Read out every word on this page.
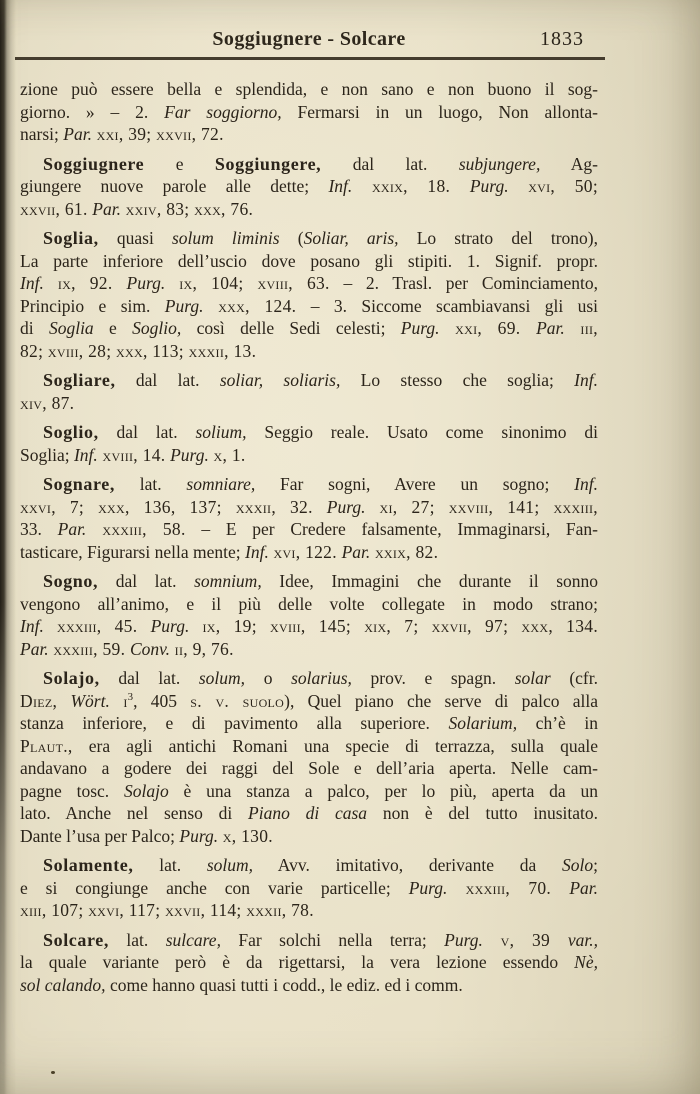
Soggiugnere - Solcare	1833
zione può essere bella e splendida, e non sano e non buono il sog-
giorno. » – 2. Far soggiorno, Fermarsi in un luogo, Non allonta-
narsi; Par. xxi, 39; xxvii, 72.
Soggiugnere e Soggiungere, dal lat. subjungere, Ag-
giungere nuove parole alle dette; Inf. xxix, 18. Purg. xvi, 50;
xxvii, 61. Par. xxiv, 83; xxx, 76.
Soglia, quasi solum liminis (Soliar, aris, Lo strato del trono),
La parte inferiore dell’uscio dove posano gli stipiti. 1. Signif. propr.
Inf. ix, 92. Purg. ix, 104; xviii, 63. – 2. Trasl. per Cominciamento,
Principio e sim. Purg. xxx, 124. – 3. Siccome scambiavansi gli usi
di Soglia e Soglio, così delle Sedi celesti; Purg. xxi, 69. Par. iii,
82; xviii, 28; xxx, 113; xxxii, 13.
Sogliare, dal lat. soliar, soliaris, Lo stesso che soglia; Inf.
xiv, 87.
Soglio, dal lat. solium, Seggio reale. Usato come sinonimo di
Soglia; Inf. xviii, 14. Purg. x, 1.
Sognare, lat. somniare, Far sogni, Avere un sogno; Inf.
xxvi, 7; xxx, 136, 137; xxxii, 32. Purg. xi, 27; xxviii, 141; xxxiii,
33. Par. xxxiii, 58. – E per Credere falsamente, Immaginarsi, Fan-
tasticare, Figurarsi nella mente; Inf. xvi, 122. Par. xxix, 82.
Sogno, dal lat. somnium, Idee, Immagini che durante il sonno
vengono all’animo, e il più delle volte collegate in modo strano;
Inf. xxxiii, 45. Purg. ix, 19; xviii, 145; xix, 7; xxvii, 97; xxx, 134.
Par. xxxiii, 59. Conv. ii, 9, 76.
Solajo, dal lat. solum, o solarius, prov. e spagn. solar (cfr.
Diez, Wört. $i^3$, 405 s. v. suolo), Quel piano che serve di palco alla
stanza inferiore, e di pavimento alla superiore. Solarium, ch’è in
Plaut., era agli antichi Romani una specie di terrazza, sulla quale
andavano a godere dei raggi del Sole e dell’aria aperta. Nelle cam-
pagne tosc. Solajo è una stanza a palco, per lo più, aperta da un
lato. Anche nel senso di Piano di casa non è del tutto inusitato.
Dante l’usa per Palco; Purg. x, 130.
Solamente, lat. solum, Avv. imitativo, derivante da Solo;
e si congiunge anche con varie particelle; Purg. xxxiii, 70. Par.
xiii, 107; xxvi, 117; xxvii, 114; xxxii, 78.
Solcare, lat. sulcare, Far solchi nella terra; Purg. v, 39 var.,
la quale variante però è da rigettarsi, la vera lezione essendo Nè,
sol calando, come hanno quasi tutti i codd., le ediz. ed i comm.
